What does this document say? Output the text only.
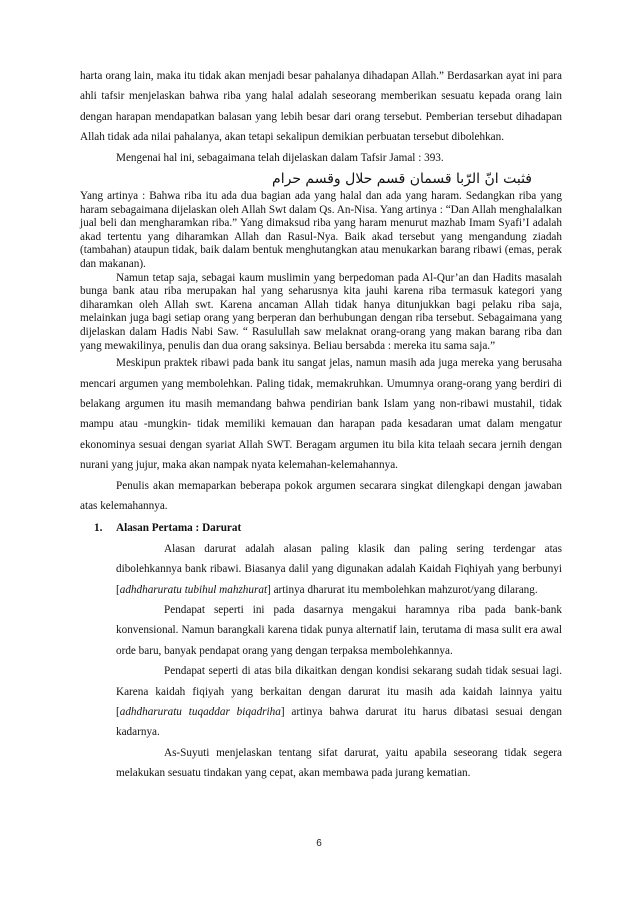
harta orang lain, maka itu tidak akan menjadi besar pahalanya dihadapan Allah.” Berdasarkan ayat ini para ahli tafsir menjelaskan bahwa riba yang halal adalah seseorang memberikan sesuatu kepada orang lain dengan harapan mendapatkan balasan yang lebih besar dari orang tersebut. Pemberian tersebut dihadapan Allah tidak ada nilai pahalanya, akan tetapi sekalipun demikian perbuatan tersebut dibolehkan.

Mengenai hal ini, sebagaimana telah dijelaskan dalam Tafsir Jamal : 393.

فثبت انّ الرّبا قسمان قسم حلال وقسم حرام

Yang artinya : Bahwa riba itu ada dua bagian ada yang halal dan ada yang haram. Sedangkan riba yang haram sebagaimana dijelaskan oleh Allah Swt dalam Qs. An-Nisa. Yang artinya : “Dan Allah menghalalkan jual beli dan mengharamkan riba.” Yang dimaksud riba yang haram menurut mazhab Imam Syafi’I adalah akad tertentu yang diharamkan Allah dan Rasul-Nya. Baik akad tersebut yang mengandung ziadah (tambahan) ataupun tidak, baik dalam bentuk menghutangkan atau menukarkan barang ribawi (emas, perak dan makanan).

Namun tetap saja, sebagai kaum muslimin yang berpedoman pada Al-Qur’an dan Hadits masalah bunga bank atau riba merupakan hal yang seharusnya kita jauhi karena riba termasuk kategori yang diharamkan oleh Allah swt. Karena ancaman Allah tidak hanya ditunjukkan bagi pelaku riba saja, melainkan juga bagi setiap orang yang berperan dan berhubungan dengan riba tersebut. Sebagaimana yang dijelaskan dalam Hadis Nabi Saw. “ Rasulullah saw melaknat orang-orang yang makan barang riba dan yang mewakilinya, penulis dan dua orang saksinya. Beliau bersabda : mereka itu sama saja.”

Meskipun praktek ribawi pada bank itu sangat jelas, namun masih ada juga mereka yang berusaha mencari argumen yang membolehkan. Paling tidak, memakruhkan. Umumnya orang-orang yang berdiri di belakang argumen itu masih memandang bahwa pendirian bank Islam yang non-ribawi mustahil, tidak mampu atau -mungkin- tidak memiliki kemauan dan harapan pada kesadaran umat dalam mengatur ekonominya sesuai dengan syariat Allah SWT. Beragam argumen itu bila kita telaah secara jernih dengan nurani yang jujur, maka akan nampak nyata kelemahan-kelemahannya.

Penulis akan memaparkan beberapa pokok argumen secarara singkat dilengkapi dengan jawaban atas kelemahannya.

1. Alasan Pertama : Darurat

Alasan darurat adalah alasan paling klasik dan paling sering terdengar atas dibolehkannya bank ribawi. Biasanya dalil yang digunakan adalah Kaidah Fiqhiyah yang berbunyi [adhdharuratu tubihul mahzhurat] artinya dharurat itu membolehkan mahzurot/yang dilarang.

Pendapat seperti ini pada dasarnya mengakui haramnya riba pada bank-bank konvensional. Namun barangkali karena tidak punya alternatif lain, terutama di masa sulit era awal orde baru, banyak pendapat orang yang dengan terpaksa membolehkannya.

Pendapat seperti di atas bila dikaitkan dengan kondisi sekarang sudah tidak sesuai lagi. Karena kaidah fiqiyah yang berkaitan dengan darurat itu masih ada kaidah lainnya yaitu [adhdharuratu tuqaddar biqadriha] artinya bahwa darurat itu harus dibatasi sesuai dengan kadarnya.

As-Suyuti menjelaskan tentang sifat darurat, yaitu apabila seseorang tidak segera melakukan sesuatu tindakan yang cepat, akan membawa pada jurang kematian.

6
